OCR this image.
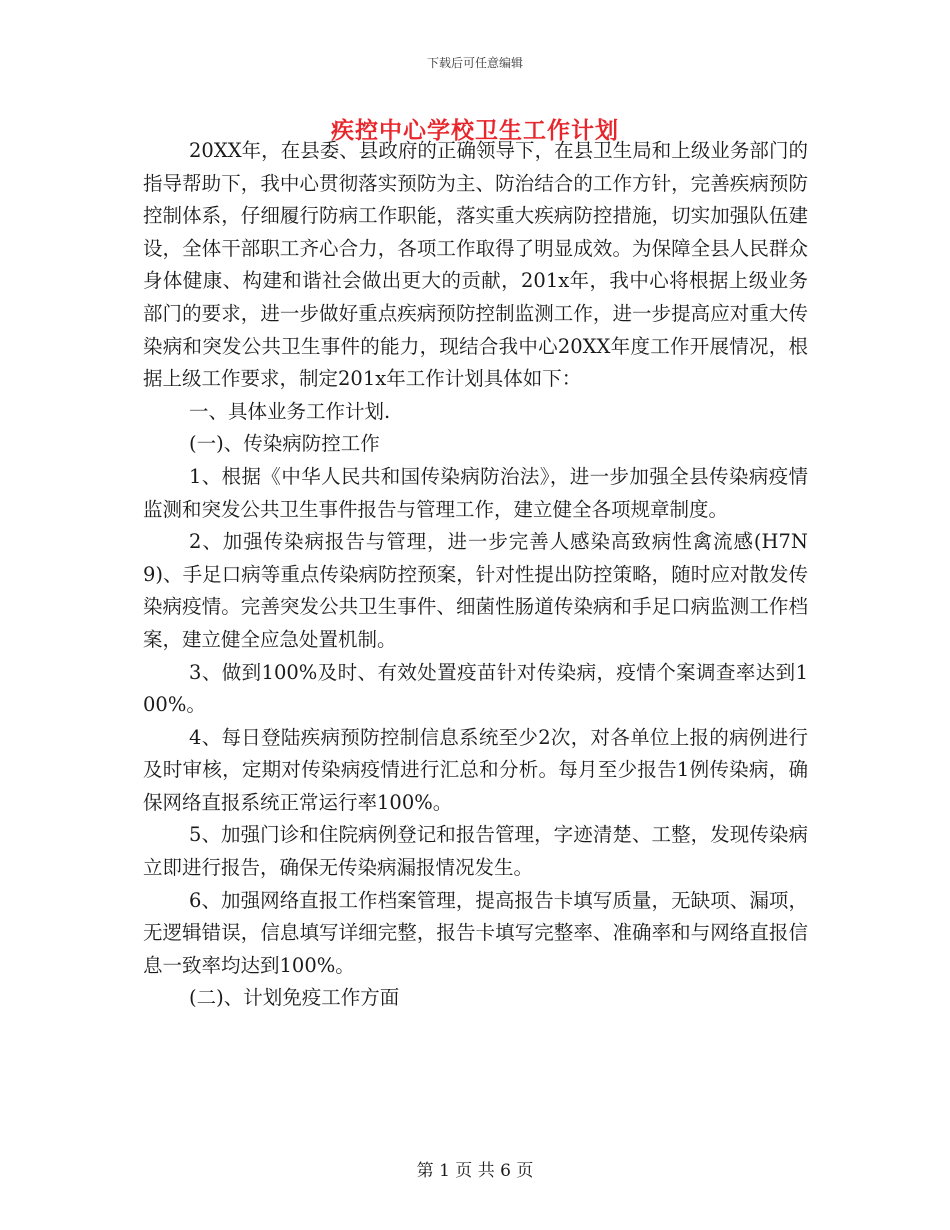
下载后可任意编辑
疾控中心学校卫生工作计划

20XX年，在县委、县政府的正确领导下，在县卫生局和上级业务部门的指导帮助下，我中心贯彻落实预防为主、防治结合的工作方针，完善疾病预防控制体系，仔细履行防病工作职能，落实重大疾病防控措施，切实加强队伍建设，全体干部职工齐心合力，各项工作取得了明显成效。为保障全县人民群众身体健康、构建和谐社会做出更大的贡献，201x年，我中心将根据上级业务部门的要求，进一步做好重点疾病预防控制监测工作，进一步提高应对重大传染病和突发公共卫生事件的能力，现结合我中心20XX年度工作开展情况，根据上级工作要求，制定201x年工作计划具体如下：

一、具体业务工作计划.

(一)、传染病防控工作

1、根据《中华人民共和国传染病防治法》，进一步加强全县传染病疫情监测和突发公共卫生事件报告与管理工作，建立健全各项规章制度。

2、加强传染病报告与管理，进一步完善人感染高致病性禽流感(H7N9)、手足口病等重点传染病防控预案，针对性提出防控策略，随时应对散发传染病疫情。完善突发公共卫生事件、细菌性肠道传染病和手足口病监测工作档案，建立健全应急处置机制。

3、做到100%及时、有效处置疫苗针对传染病，疫情个案调查率达到100%。

4、每日登陆疾病预防控制信息系统至少2次，对各单位上报的病例进行及时审核，定期对传染病疫情进行汇总和分析。每月至少报告1例传染病，确保网络直报系统正常运行率100%。

5、加强门诊和住院病例登记和报告管理，字迹清楚、工整，发现传染病立即进行报告，确保无传染病漏报情况发生。

6、加强网络直报工作档案管理，提高报告卡填写质量，无缺项、漏项，无逻辑错误，信息填写详细完整，报告卡填写完整率、准确率和与网络直报信息一致率均达到100%。

(二)、计划免疫工作方面

第 1 页 共 6 页
